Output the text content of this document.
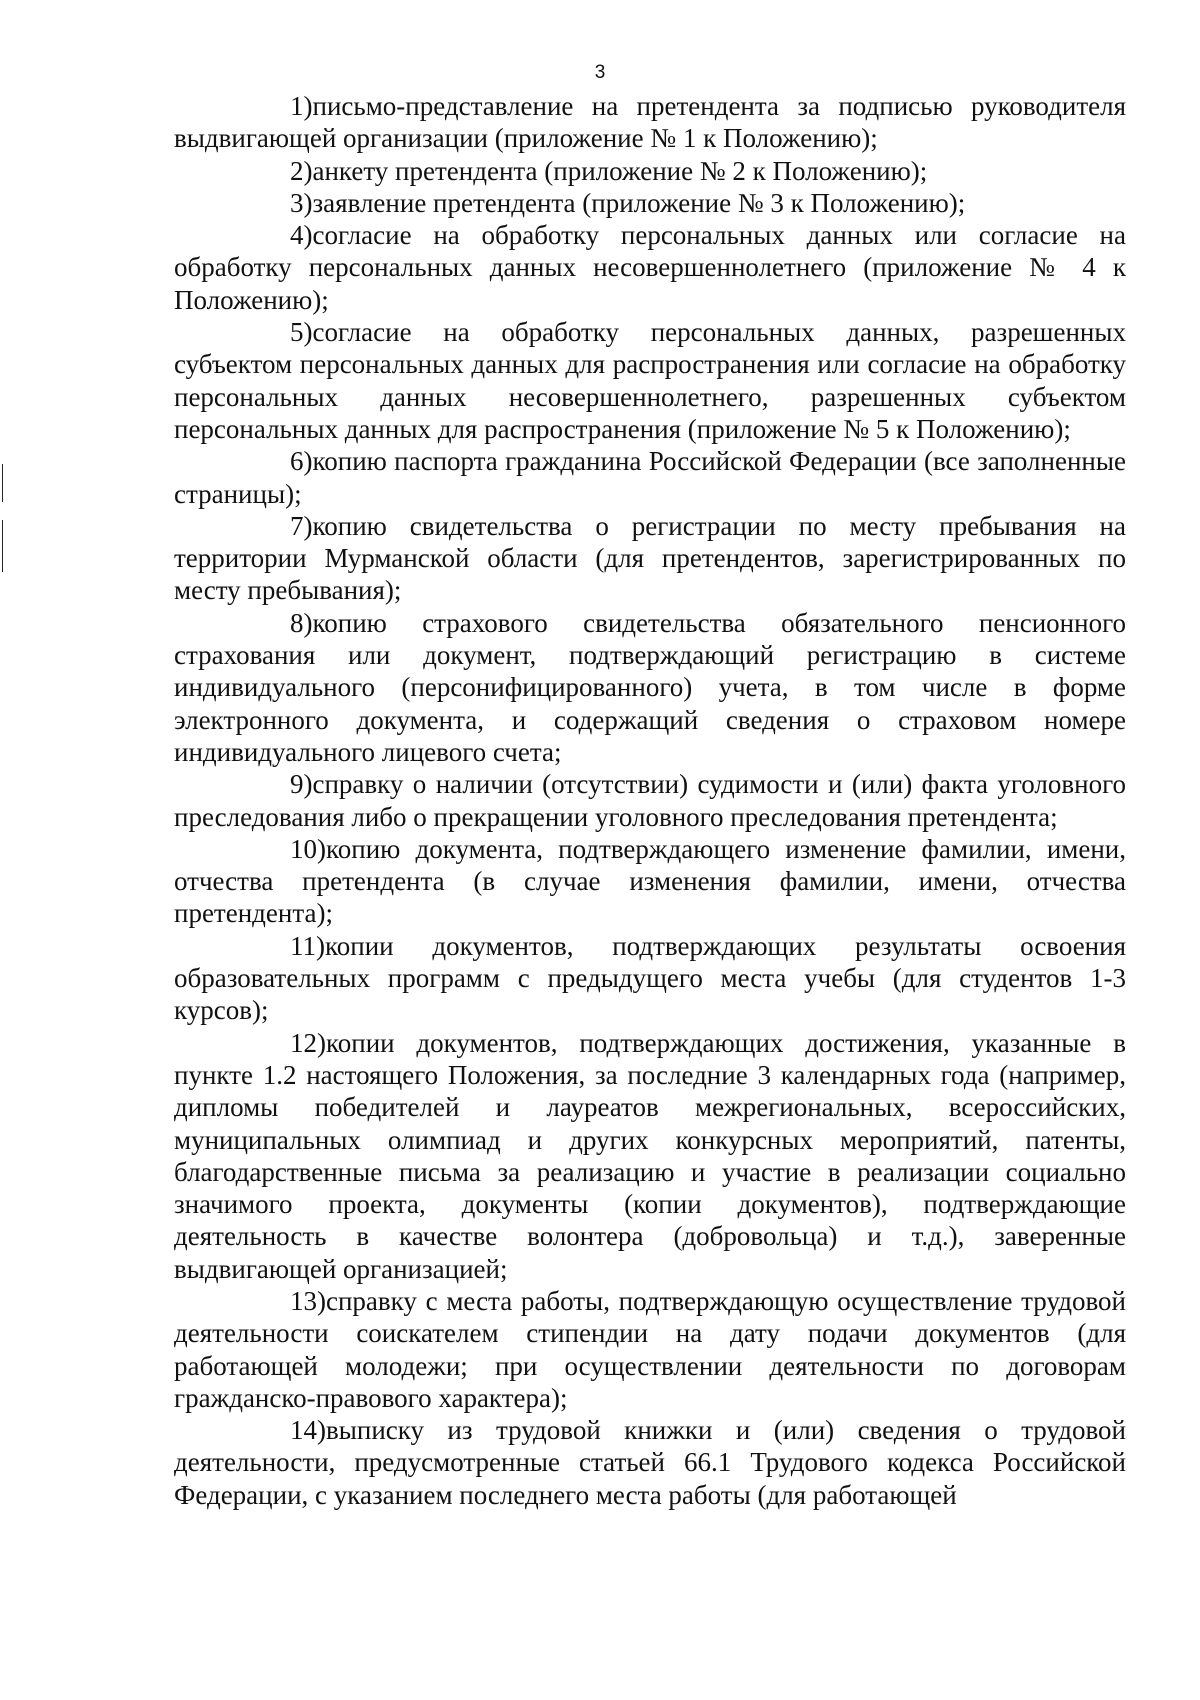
3

1)письмо-представление на претендента за подписью руководителя выдвигающей организации (приложение № 1 к Положению);

2)анкету претендента (приложение № 2 к Положению);

3)заявление претендента (приложение № 3 к Положению);

4)согласие на обработку персональных данных или согласие на обработку персональных данных несовершеннолетнего (приложение № 4 к Положению);

5)согласие на обработку персональных данных, разрешенных субъектом персональных данных для распространения или согласие на обработку персональных данных несовершеннолетнего, разрешенных субъектом персональных данных для распространения (приложение № 5 к Положению);

6)копию паспорта гражданина Российской Федерации (все заполненные страницы);

7)копию свидетельства о регистрации по месту пребывания на территории Мурманской области (для претендентов, зарегистрированных по месту пребывания);

8)копию страхового свидетельства обязательного пенсионного страхования или документ, подтверждающий регистрацию в системе индивидуального (персонифицированного) учета, в том числе в форме электронного документа, и содержащий сведения о страховом номере индивидуального лицевого счета;

9)справку о наличии (отсутствии) судимости и (или) факта уголовного преследования либо о прекращении уголовного преследования претендента;

10)копию документа, подтверждающего изменение фамилии, имени, отчества претендента (в случае изменения фамилии, имени, отчества претендента);

11)копии документов, подтверждающих результаты освоения образовательных программ с предыдущего места учебы (для студентов 1-3 курсов);

12)копии документов, подтверждающих достижения, указанные в пункте 1.2 настоящего Положения, за последние 3 календарных года (например, дипломы победителей и лауреатов межрегиональных, всероссийских, муниципальных олимпиад и других конкурсных мероприятий, патенты, благодарственные письма за реализацию и участие в реализации социально значимого проекта, документы (копии документов), подтверждающие деятельность в качестве волонтера (добровольца) и т.д.), заверенные выдвигающей организацией;

13)справку с места работы, подтверждающую осуществление трудовой деятельности соискателем стипендии на дату подачи документов (для работающей молодежи; при осуществлении деятельности по договорам гражданско-правового характера);

14)выписку из трудовой книжки и (или) сведения о трудовой деятельности, предусмотренные статьей 66.1 Трудового кодекса Российской Федерации, с указанием последнего места работы (для работающей
